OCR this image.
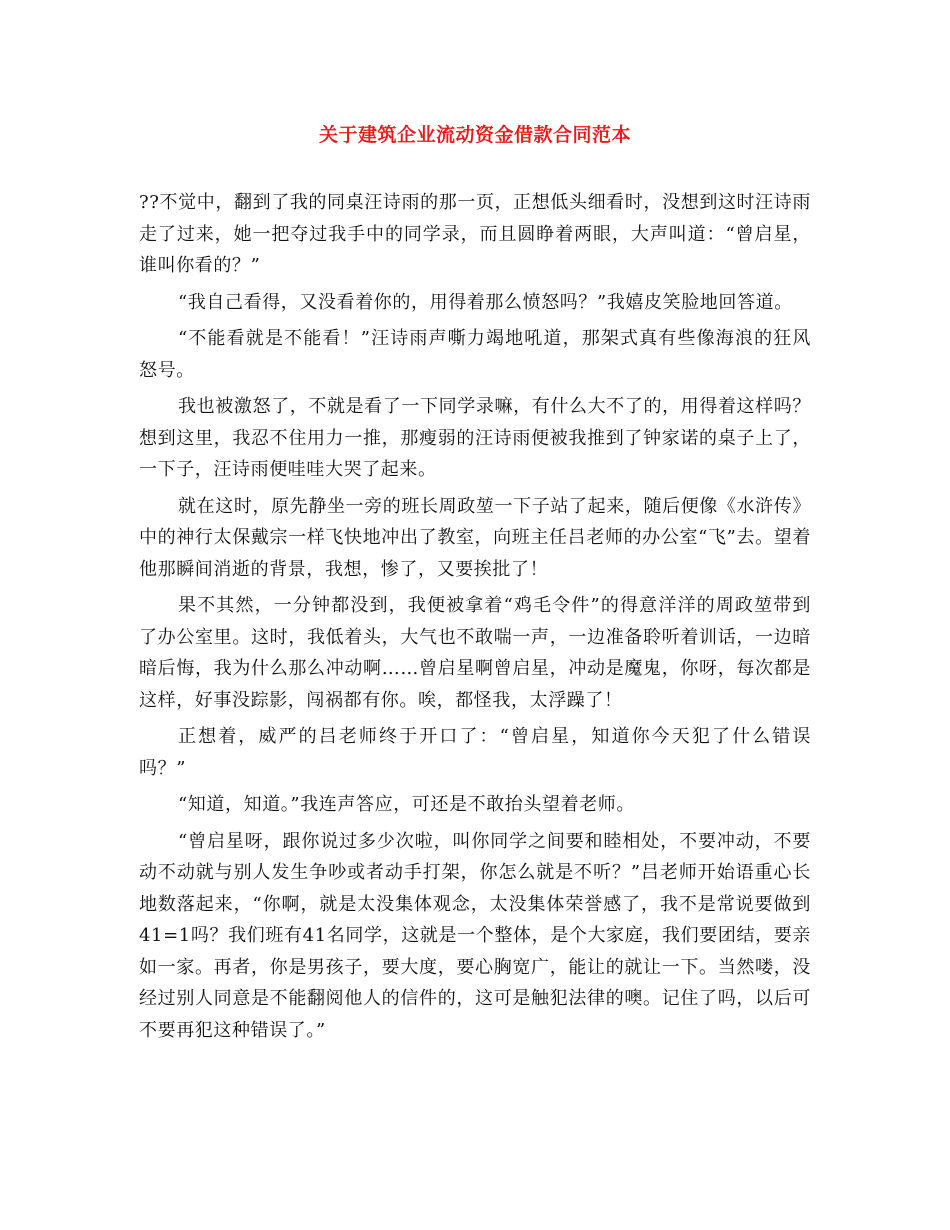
关于建筑企业流动资金借款合同范本

??不觉中，翻到了我的同桌汪诗雨的那一页，正想低头细看时，没想到这时汪诗雨走了过来，她一把夺过我手中的同学录，而且圆睁着两眼，大声叫道：“曾启星，谁叫你看的？”

“我自己看得，又没看着你的，用得着那么愤怒吗？”我嬉皮笑脸地回答道。

“不能看就是不能看！”汪诗雨声嘶力竭地吼道，那架式真有些像海浪的狂风怒号。

我也被激怒了，不就是看了一下同学录嘛，有什么大不了的，用得着这样吗？想到这里，我忍不住用力一推，那瘦弱的汪诗雨便被我推到了钟家诺的桌子上了，一下子，汪诗雨便哇哇大哭了起来。

就在这时，原先静坐一旁的班长周政堃一下子站了起来，随后便像《水浒传》中的神行太保戴宗一样飞快地冲出了教室，向班主任吕老师的办公室“飞”去。望着他那瞬间消逝的背景，我想，惨了，又要挨批了！

果不其然，一分钟都没到，我便被拿着“鸡毛令件”的得意洋洋的周政堃带到了办公室里。这时，我低着头，大气也不敢喘一声，一边准备聆听着训话，一边暗暗后悔，我为什么那么冲动啊……曾启星啊曾启星，冲动是魔鬼，你呀，每次都是这样，好事没踪影，闯祸都有你。唉，都怪我，太浮躁了！

正想着，威严的吕老师终于开口了：“曾启星，知道你今天犯了什么错误吗？”

“知道，知道。”我连声答应，可还是不敢抬头望着老师。

“曾启星呀，跟你说过多少次啦，叫你同学之间要和睦相处，不要冲动，不要动不动就与别人发生争吵或者动手打架，你怎么就是不听？”吕老师开始语重心长地数落起来，“你啊，就是太没集体观念，太没集体荣誉感了，我不是常说要做到41=1吗？我们班有41名同学，这就是一个整体，是个大家庭，我们要团结，要亲如一家。再者，你是男孩子，要大度，要心胸宽广，能让的就让一下。当然喽，没经过别人同意是不能翻阅他人的信件的，这可是触犯法律的噢。记住了吗，以后可不要再犯这种错误了。”
